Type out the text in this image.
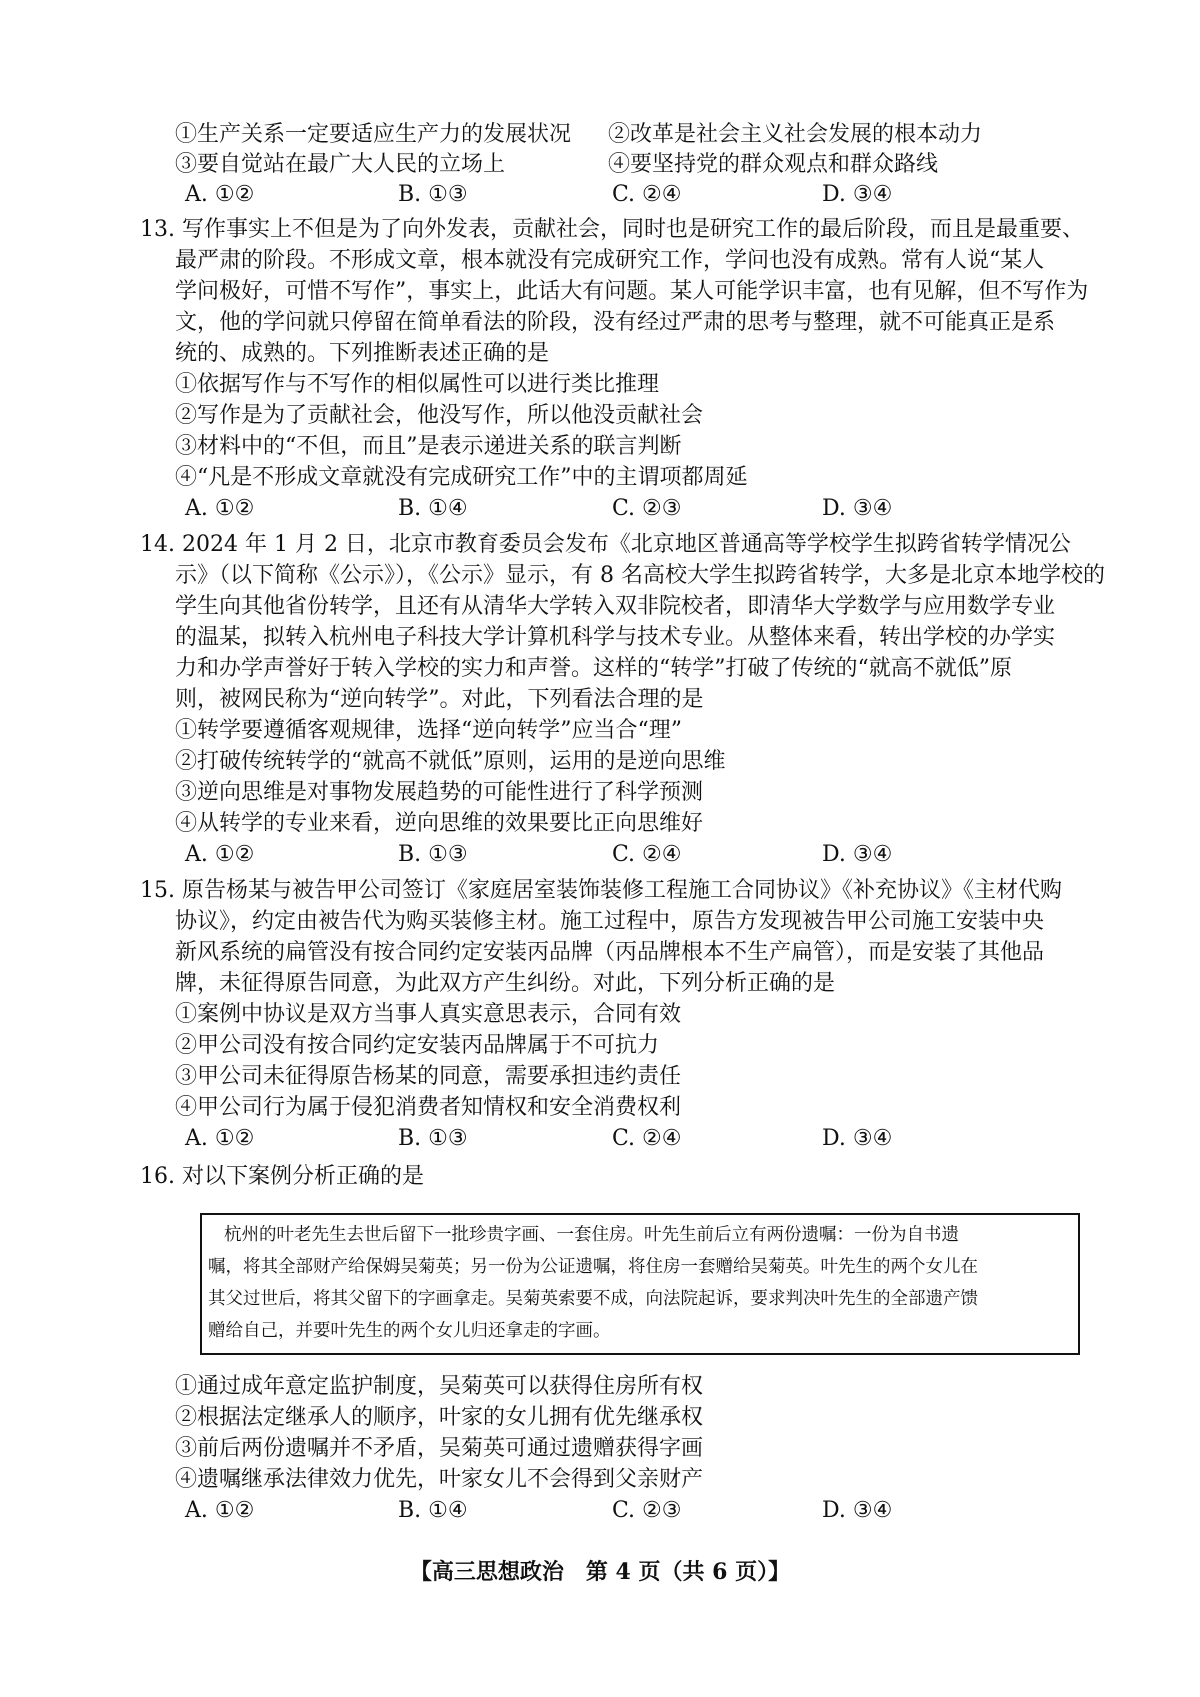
①生产关系一定要适应生产力的发展状况 ②改革是社会主义社会发展的根本动力
③要自觉站在最广大人民的立场上	④要坚持党的群众观点和群众路线
A. ①②	B. ①③	C. ②④	D. ③④
13. 写作事实上不但是为了向外发表，贡献社会，同时也是研究工作的最后阶段，而且是最重要、
最严肃的阶段。不形成文章，根本就没有完成研究工作，学问也没有成熟。常有人说“某人
学问极好，可惜不写作”，事实上，此话大有问题。某人可能学识丰富，也有见解，但不写作为
文，他的学问就只停留在简单看法的阶段，没有经过严肃的思考与整理，就不可能真正是系
统的、成熟的。下列推断表述正确的是
①依据写作与不写作的相似属性可以进行类比推理
②写作是为了贡献社会，他没写作，所以他没贡献社会
③材料中的“不但，而且”是表示递进关系的联言判断
④“凡是不形成文章就没有完成研究工作”中的主谓项都周延
A. ①②	B. ①④	C. ②③	D. ③④
14. 2024 年 1 月 2 日，北京市教育委员会发布《北京地区普通高等学校学生拟跨省转学情况公
示》（以下简称《公示》），《公示》显示，有 8 名高校大学生拟跨省转学，大多是北京本地学校的
学生向其他省份转学，且还有从清华大学转入双非院校者，即清华大学数学与应用数学专业
的温某，拟转入杭州电子科技大学计算机科学与技术专业。从整体来看，转出学校的办学实
力和办学声誉好于转入学校的实力和声誉。这样的“转学”打破了传统的“就高不就低”原
则，被网民称为“逆向转学”。对此，下列看法合理的是
①转学要遵循客观规律，选择“逆向转学”应当合“理”
②打破传统转学的“就高不就低”原则，运用的是逆向思维
③逆向思维是对事物发展趋势的可能性进行了科学预测
④从转学的专业来看，逆向思维的效果要比正向思维好
A. ①②	B. ①③	C. ②④	D. ③④
15. 原告杨某与被告甲公司签订《家庭居室装饰装修工程施工合同协议》《补充协议》《主材代购
协议》，约定由被告代为购买装修主材。施工过程中，原告方发现被告甲公司施工安装中央
新风系统的扁管没有按合同约定安装丙品牌（丙品牌根本不生产扁管），而是安装了其他品
牌，未征得原告同意，为此双方产生纠纷。对此，下列分析正确的是
①案例中协议是双方当事人真实意思表示，合同有效
②甲公司没有按合同约定安装丙品牌属于不可抗力
③甲公司未征得原告杨某的同意，需要承担违约责任
④甲公司行为属于侵犯消费者知情权和安全消费权利
A. ①②	B. ①③	C. ②④	D. ③④
16. 对以下案例分析正确的是
杭州的叶老先生去世后留下一批珍贵字画、一套住房。叶先生前后立有两份遗嘱：一份为自书遗
嘱，将其全部财产给保姆吴菊英；另一份为公证遗嘱，将住房一套赠给吴菊英。叶先生的两个女儿在
其父过世后，将其父留下的字画拿走。吴菊英索要不成，向法院起诉，要求判决叶先生的全部遗产馈
赠给自己，并要叶先生的两个女儿归还拿走的字画。
①通过成年意定监护制度，吴菊英可以获得住房所有权
②根据法定继承人的顺序，叶家的女儿拥有优先继承权
③前后两份遗嘱并不矛盾，吴菊英可通过遗赠获得字画
④遗嘱继承法律效力优先，叶家女儿不会得到父亲财产
A. ①②	B. ①④	C. ②③	D. ③④
【高三思想政治　第 4 页（共 6 页）】
